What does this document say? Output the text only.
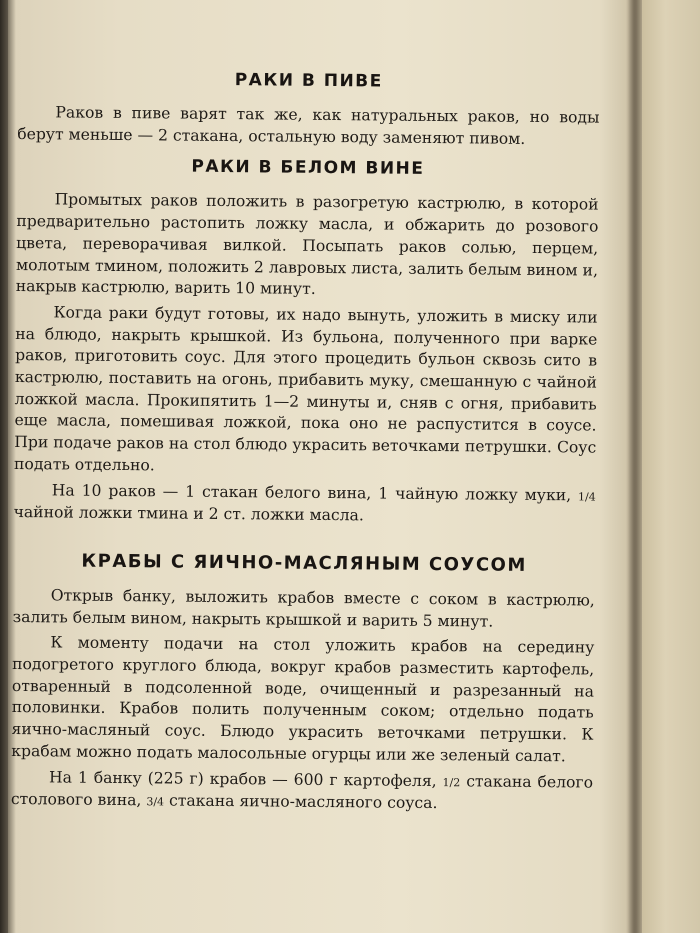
РАКИ В ПИВЕ

Раков в пиве варят так же, как натуральных раков, но воды берут меньше — 2 стакана, остальную воду заменяют пивом.

РАКИ В БЕЛОМ ВИНЕ

Промытых раков положить в разогретую кастрюлю, в которой предварительно растопить ложку масла, и обжарить до розового цвета, переворачивая вилкой. Посыпать раков солью, перцем, молотым тмином, положить 2 лавровых листа, залить белым вином и, накрыв кастрюлю, варить 10 минут.

Когда раки будут готовы, их надо вынуть, уложить в миску или на блюдо, накрыть крышкой. Из бульона, полученного при варке раков, приготовить соус. Для этого процедить бульон сквозь сито в кастрюлю, поставить на огонь, прибавить муку, смешанную с чайной ложкой масла. Прокипятить 1—2 минуты и, сняв с огня, прибавить еще масла, помешивая ложкой, пока оно не распустится в соусе. При подаче раков на стол блюдо украсить веточками петрушки. Соус подать отдельно.

На 10 раков — 1 стакан белого вина, 1 чайную ложку муки, 1/4 чайной ложки тмина и 2 ст. ложки масла.

КРАБЫ С ЯИЧНО-МАСЛЯНЫМ СОУСОМ

Открыв банку, выложить крабов вместе с соком в кастрюлю, залить белым вином, накрыть крышкой и варить 5 минут.

К моменту подачи на стол уложить крабов на середину подогретого круглого блюда, вокруг крабов разместить картофель, отваренный в подсоленной воде, очищенный и разрезанный на половинки. Крабов полить полученным соком; отдельно подать яично-масляный соус. Блюдо украсить веточками петрушки. К крабам можно подать малосольные огурцы или же зеленый салат.

На 1 банку (225 г) крабов — 600 г картофеля, 1/2 стакана белого столового вина, 3/4 стакана яично-масляного соуса.
